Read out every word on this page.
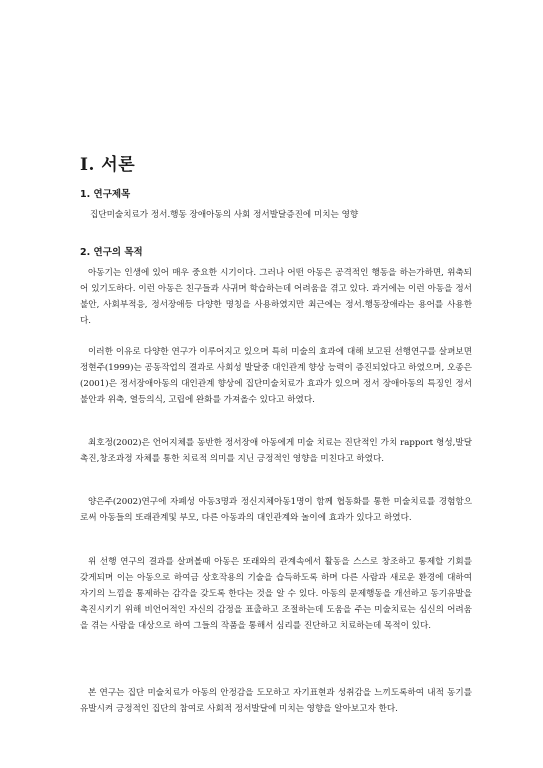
Ⅰ. 서론
1. 연구제목

집단미술치료가 정서.행동 장애아동의 사회 정서발달증진에 미치는 영향

2. 연구의 목적

아동기는 인생에 있어 매우 중요한 시기이다. 그러나 어떤 아동은 공격적인 행동을 하는가하면, 위축되어 있기도하다. 이런 아동은 친구들과 사귀며 학습하는데 어려움을 겪고 있다. 과거에는 이런 아동을 정서불안, 사회부적응, 정서장애등 다양한 명칭을 사용하였지만 최근에는 정서.행동장애라는 용어를 사용한다.

이러한 이유로 다양한 연구가 이루어지고 있으며 특히 미술의 효과에 대해 보고된 선행연구를 살펴보면 정현주(1999)는 공동작업의 결과로 사회성 발달중 대인관계 향상 능력이 증진되었다고 하였으며, 오종은(2001)은 정서장애아동의 대인관계 향상에 집단미술치료가 효과가 있으며 정서 장애아동의 특징인 정서불안과 위축, 열등의식, 고립에 완화를 가져올수 있다고 하였다.

최호정(2002)은 언어지체를 동반한 정서장애 아동에게 미술 치료는 진단적인 가치 rapport 형성,발달촉진,창조과정 자체를 통한 치료적 의미를 지닌 긍정적인 영향을 미친다고 하였다.

양은주(2002)연구에 자폐성 아동3명과 정신지체아동1명이 함께 협동화를 통한 미술치료를 경험함으로써 아동들의 또래관계및 부모, 다른 아동과의 대인관계와 놀이에 효과가 있다고 하였다.

위 선행 연구의 결과를 살펴볼때 아동은 또래와의 관계속에서 활동을 스스로 창조하고 통제할 기회를 갖게되며 이는 아동으로 하여금 상호작용의 기술을 습득하도록 하며 다른 사람과 새로운 환경에 대하여 자기의 느낌을 통제하는 감각을 갖도록 한다는 것을 알 수 있다. 아동의 문제행동을 개선하고 동기유발을 촉진시키기 위해 비언어적인 자신의 감정을 표출하고 조절하는데 도움을 주는 미술치료는 심신의 어려움을 겪는 사람을 대상으로 하여 그들의 작품을 통해서 심리를 진단하고 치료하는데 목적이 있다.

본 연구는 집단 미술치료가 아동의 안정감을 도모하고 자기표현과 성취감을 느끼도록하여 내적 동기를 유발시켜 긍정적인 집단의 참여로 사회적 정서발달에 미치는 영향을 알아보고자 한다.
